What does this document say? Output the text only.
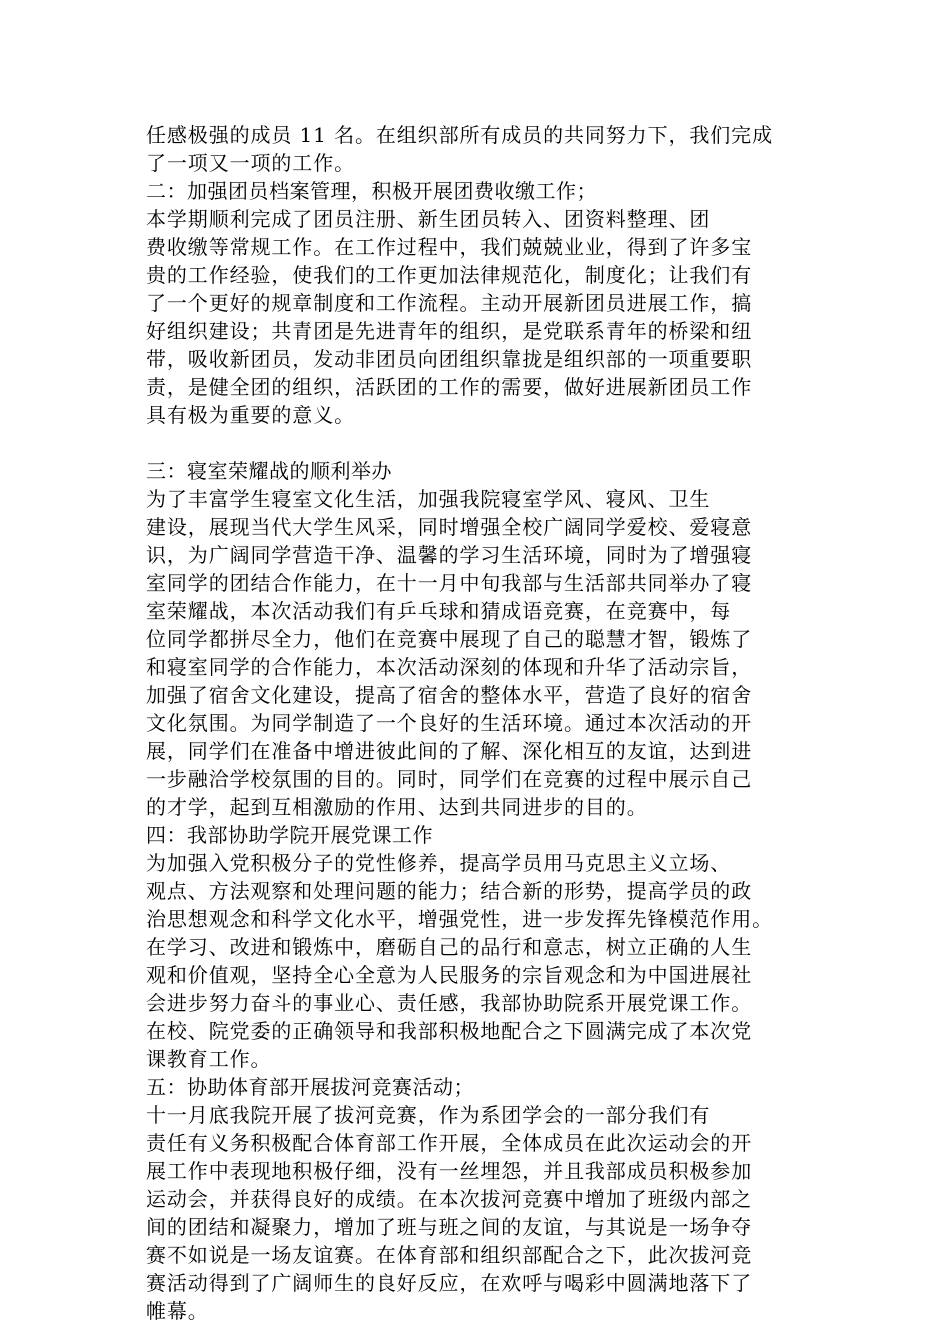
任感极强的成员 11 名。在组织部所有成员的共同努力下，我们完成
了一项又一项的工作。
二：加强团员档案管理，积极开展团费收缴工作；
本学期顺利完成了团员注册、新生团员转入、团资料整理、团
费收缴等常规工作。在工作过程中，我们兢兢业业，得到了许多宝
贵的工作经验，使我们的工作更加法律规范化，制度化；让我们有
了一个更好的规章制度和工作流程。主动开展新团员进展工作，搞
好组织建设；共青团是先进青年的组织，是党联系青年的桥梁和纽
带，吸收新团员，发动非团员向团组织靠拢是组织部的一项重要职
责，是健全团的组织，活跃团的工作的需要，做好进展新团员工作
具有极为重要的意义。
三：寝室荣耀战的顺利举办
为了丰富学生寝室文化生活，加强我院寝室学风、寝风、卫生
建设，展现当代大学生风采，同时增强全校广阔同学爱校、爱寝意
识，为广阔同学营造干净、温馨的学习生活环境，同时为了增强寝
室同学的团结合作能力，在十一月中旬我部与生活部共同举办了寝
室荣耀战，本次活动我们有乒乓球和猜成语竞赛，在竞赛中，每
位同学都拼尽全力，他们在竞赛中展现了自己的聪慧才智，锻炼了
和寝室同学的合作能力，本次活动深刻的体现和升华了活动宗旨，
加强了宿舍文化建设，提高了宿舍的整体水平，营造了良好的宿舍
文化氛围。为同学制造了一个良好的生活环境。通过本次活动的开
展，同学们在准备中增进彼此间的了解、深化相互的友谊，达到进
一步融洽学校氛围的目的。同时，同学们在竞赛的过程中展示自己
的才学，起到互相激励的作用、达到共同进步的目的。
四：我部协助学院开展党课工作
为加强入党积极分子的党性修养，提高学员用马克思主义立场、
观点、方法观察和处理问题的能力；结合新的形势，提高学员的政
治思想观念和科学文化水平，增强党性，进一步发挥先锋模范作用。
在学习、改进和锻炼中，磨砺自己的品行和意志，树立正确的人生
观和价值观，坚持全心全意为人民服务的宗旨观念和为中国进展社
会进步努力奋斗的事业心、责任感，我部协助院系开展党课工作。
在校、院党委的正确领导和我部积极地配合之下圆满完成了本次党
课教育工作。
五：协助体育部开展拔河竞赛活动；
十一月底我院开展了拔河竞赛，作为系团学会的一部分我们有
责任有义务积极配合体育部工作开展，全体成员在此次运动会的开
展工作中表现地积极仔细，没有一丝埋怨，并且我部成员积极参加
运动会，并获得良好的成绩。在本次拔河竞赛中增加了班级内部之
间的团结和凝聚力，增加了班与班之间的友谊，与其说是一场争夺
赛不如说是一场友谊赛。在体育部和组织部配合之下，此次拔河竞
赛活动得到了广阔师生的良好反应，在欢呼与喝彩中圆满地落下了
帷幕。
